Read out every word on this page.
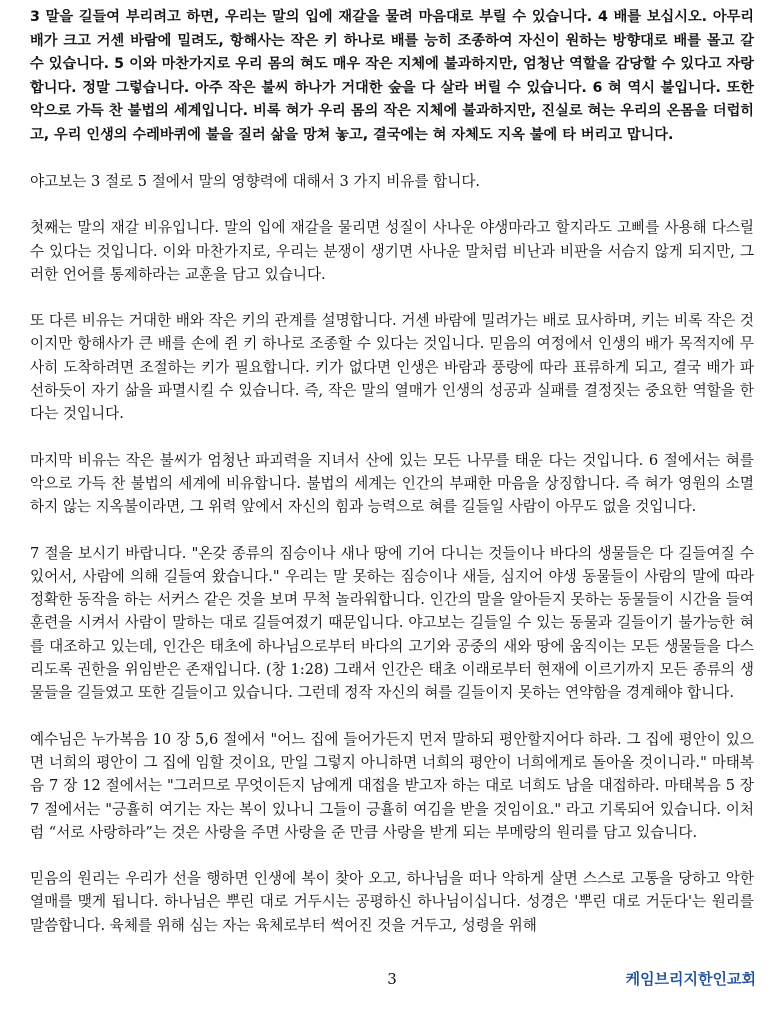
3 말을 길들여 부리려고 하면, 우리는 말의 입에 재갈을 물려 마음대로 부릴 수 있습니다. 4 배를 보십시오. 아무리 배가 크고 거센 바람에 밀려도, 항해사는 작은 키 하나로 배를 능히 조종하여 자신이 원하는 방향대로 배를 몰고 갈 수 있습니다. 5 이와 마찬가지로 우리 몸의 혀도 매우 작은 지체에 불과하지만, 엄청난 역할을 감당할 수 있다고 자랑합니다. 정말 그렇습니다. 아주 작은 불씨 하나가 거대한 숲을 다 살라 버릴 수 있습니다. 6 혀 역시 불입니다. 또한 악으로 가득 찬 불법의 세계입니다. 비록 혀가 우리 몸의 작은 지체에 불과하지만, 진실로 혀는 우리의 온몸을 더럽히고, 우리 인생의 수레바퀴에 불을 질러 삶을 망쳐 놓고, 결국에는 혀 자체도 지옥 불에 타 버리고 맙니다.

야고보는 3 절로 5 절에서 말의 영향력에 대해서 3 가지 비유를 합니다.

첫째는 말의 재갈 비유입니다. 말의 입에 재갈을 물리면 성질이 사나운 야생마라고 할지라도 고삐를 사용해 다스릴 수 있다는 것입니다. 이와 마찬가지로, 우리는 분쟁이 생기면 사나운 말처럼 비난과 비판을 서슴지 않게 되지만, 그러한 언어를 통제하라는 교훈을 담고 있습니다.

또 다른 비유는 거대한 배와 작은 키의 관계를 설명합니다. 거센 바람에 밀려가는 배로 묘사하며, 키는 비록 작은 것이지만 항해사가 큰 배를 손에 쥔 키 하나로 조종할 수 있다는 것입니다. 믿음의 여정에서 인생의 배가 목적지에 무사히 도착하려면 조절하는 키가 필요합니다. 키가 없다면 인생은 바람과 풍랑에 따라 표류하게 되고, 결국 배가 파선하듯이 자기 삶을 파멸시킬 수 있습니다. 즉, 작은 말의 열매가 인생의 성공과 실패를 결정짓는 중요한 역할을 한다는 것입니다.

마지막 비유는 작은 불씨가 엄청난 파괴력을 지녀서 산에 있는 모든 나무를 태운 다는 것입니다. 6 절에서는 혀를 악으로 가득 찬 불법의 세계에 비유합니다. 불법의 세계는 인간의 부패한 마음을 상징합니다. 즉 혀가 영원의 소멸하지 않는 지옥불이라면, 그 위력 앞에서 자신의 힘과 능력으로 혀를 길들일 사람이 아무도 없을 것입니다.

7 절을 보시기 바랍니다. "온갖 종류의 짐승이나 새나 땅에 기어 다니는 것들이나 바다의 생물들은 다 길들여질 수 있어서, 사람에 의해 길들여 왔습니다." 우리는 말 못하는 짐승이나 새들, 심지어 야생 동물들이 사람의 말에 따라 정확한 동작을 하는 서커스 같은 것을 보며 무척 놀라워합니다. 인간의 말을 알아듣지 못하는 동물들이 시간을 들여 훈련을 시켜서 사람이 말하는 대로 길들여졌기 때문입니다. 야고보는 길들일 수 있는 동물과 길들이기 불가능한 혀를 대조하고 있는데, 인간은 태초에 하나님으로부터 바다의 고기와 공중의 새와 땅에 움직이는 모든 생물들을 다스리도록 권한을 위임받은 존재입니다. (창 1:28) 그래서 인간은 태초 이래로부터 현재에 이르기까지 모든 종류의 생물들을 길들였고 또한 길들이고 있습니다. 그런데 정작 자신의 혀를 길들이지 못하는 연약함을 경계해야 합니다.

예수님은 누가복음 10 장 5,6 절에서 "어느 집에 들어가든지 먼저 말하되 평안할지어다 하라. 그 집에 평안이 있으면 너희의 평안이 그 집에 임할 것이요, 만일 그렇지 아니하면 너희의 평안이 너희에게로 돌아올 것이니라." 마태복음 7 장 12 절에서는 "그러므로 무엇이든지 남에게 대접을 받고자 하는 대로 너희도 남을 대접하라. 마태복음 5 장 7 절에서는 "긍휼히 여기는 자는 복이 있나니 그들이 긍휼히 여김을 받을 것임이요." 라고 기록되어 있습니다. 이처럼 “서로 사랑하라”는 것은 사랑을 주면 사랑을 준 만큼 사랑을 받게 되는 부메랑의 원리를 담고 있습니다.

믿음의 원리는 우리가 선을 행하면 인생에 복이 찾아 오고, 하나님을 떠나 악하게 살면 스스로 고통을 당하고 악한 열매를 맺게 됩니다. 하나님은 뿌린 대로 거두시는 공평하신 하나님이십니다. 성경은 '뿌린 대로 거둔다'는 원리를 말씀합니다. 육체를 위해 심는 자는 육체로부터 썩어진 것을 거두고, 성령을 위해

3	케임브리지한인교회
